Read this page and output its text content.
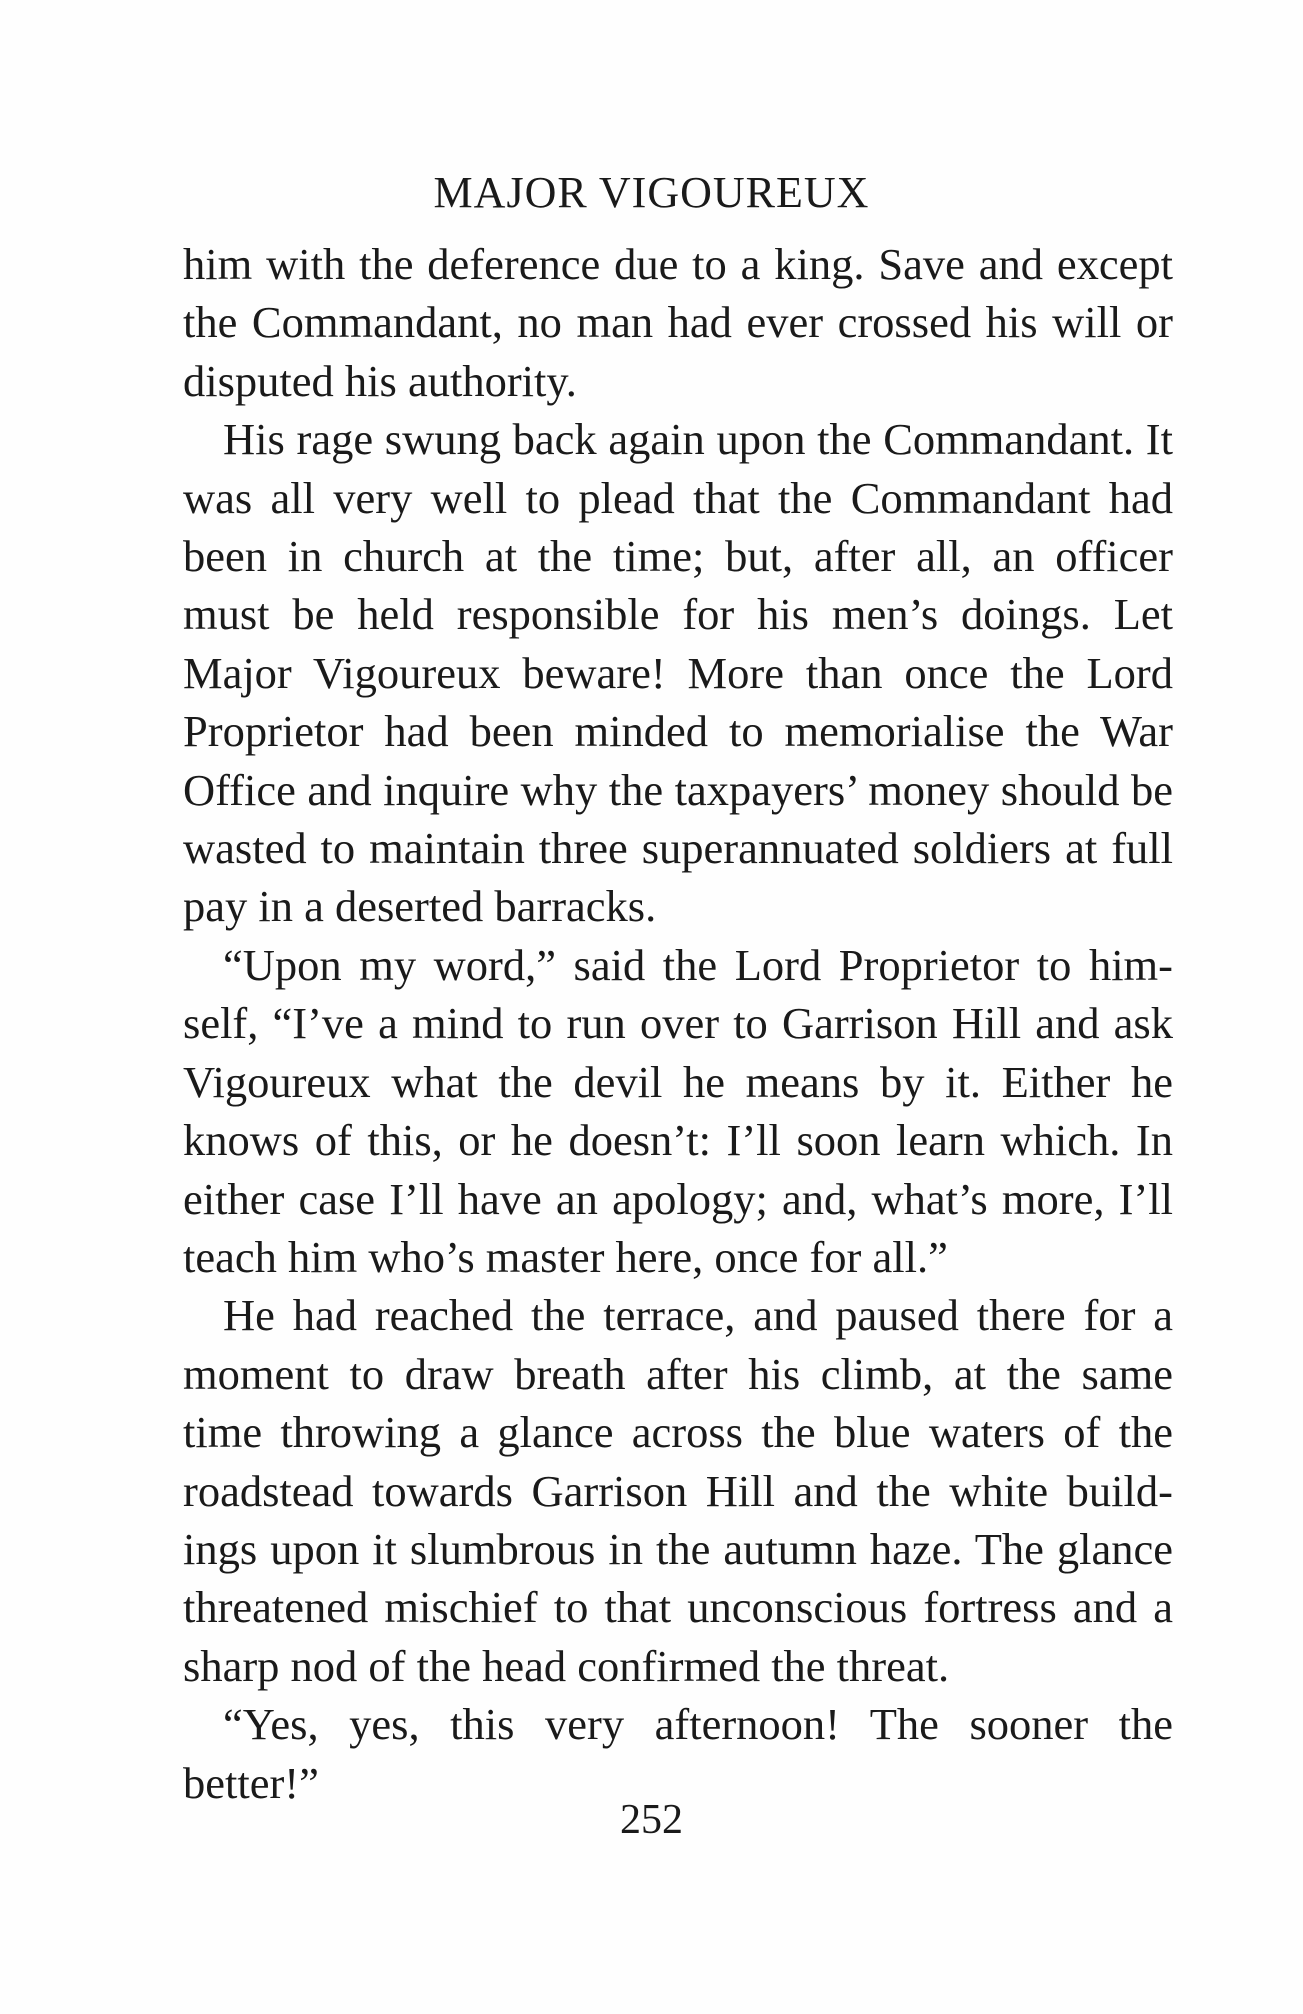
MAJOR VIGOUREUX

him with the deference due to a king. Save and except the Commandant, no man had ever crossed his will or disputed his authority.

His rage swung back again upon the Commandant. It was all very well to plead that the Commandant had been in church at the time; but, after all, an officer must be held responsible for his men’s doings. Let Major Vigoureux beware! More than once the Lord Proprietor had been minded to memorialise the War Office and inquire why the taxpayers’ money should be wasted to maintain three superannuated soldiers at full pay in a deserted barracks.

“Upon my word,” said the Lord Proprietor to himself, “I’ve a mind to run over to Garrison Hill and ask Vigoureux what the devil he means by it. Either he knows of this, or he doesn’t: I’ll soon learn which. In either case I’ll have an apology; and, what’s more, I’ll teach him who’s master here, once for all.”

He had reached the terrace, and paused there for a moment to draw breath after his climb, at the same time throwing a glance across the blue waters of the roadstead towards Garrison Hill and the white buildings upon it slumbrous in the autumn haze. The glance threatened mischief to that unconscious fortress and a sharp nod of the head confirmed the threat.

“Yes, yes, this very afternoon! The sooner the better!”

252
